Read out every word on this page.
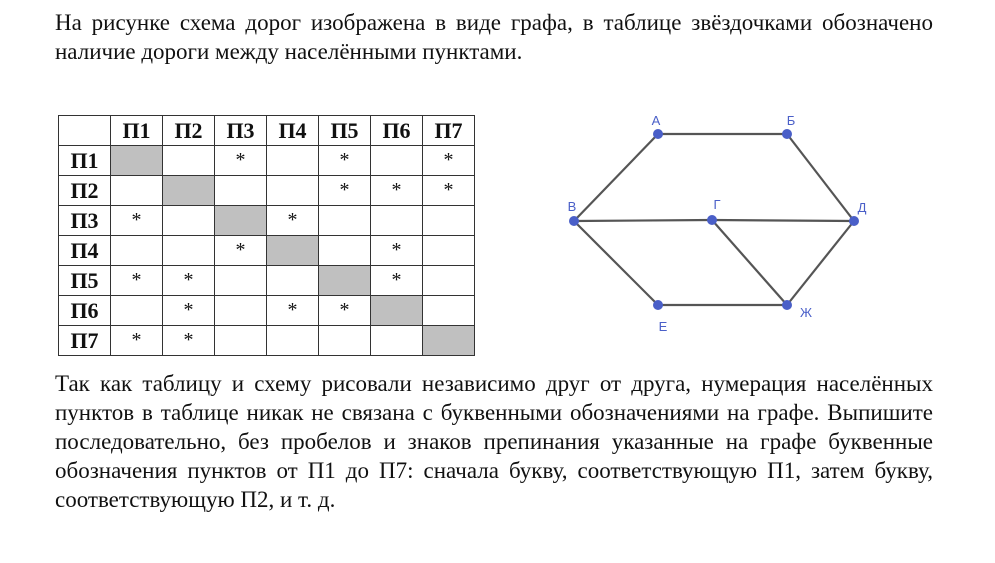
На рисунке схема дорог изображена в виде графа, в таблице звёздочками обозначено наличие дороги между населёнными пунктами.
	П1	П2	П3	П4	П5	П6	П7
П1			*		*		*
П2					*	*	*
П3	*			*			
П4			*			*	
П5	*	*				*	
П6		*		*	*		
П7	*	*					
А	Б
В	Г	Д
Е
Ж
Так как таблицу и схему рисовали независимо друг от друга, нумерация населённых пунктов в таблице никак не связана с буквенными обозначениями на графе. Выпишите последовательно, без пробелов и знаков препинания указанные на графе буквенные обозначения пунктов от П1 до П7: сначала букву, соответствующую П1, затем букву, соответствующую П2, и т. д.
